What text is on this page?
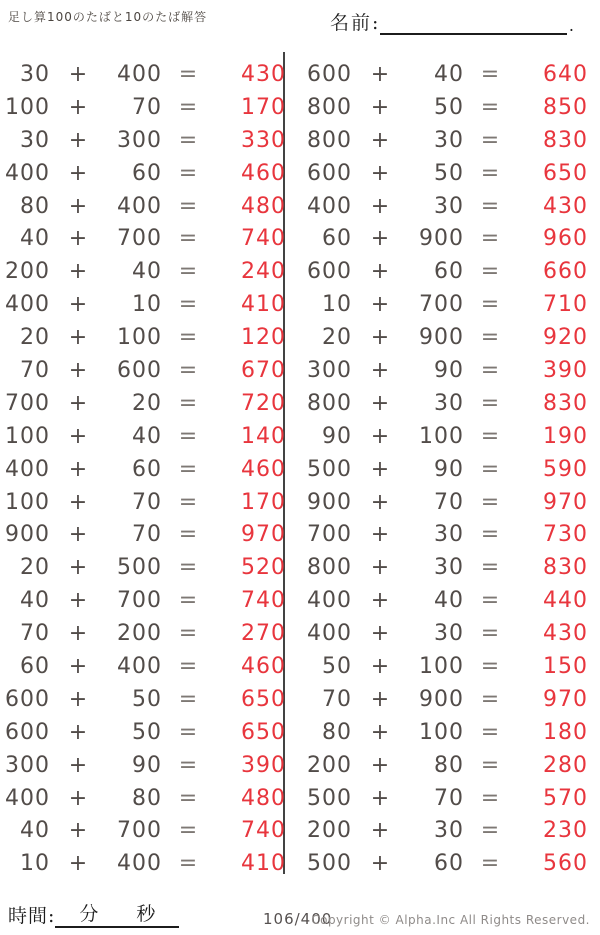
足し算100のたばと10のたば解答	名前:	.
30 +	400 =	430
100 +	70 =	170
30 +	300 =	330
400 +	60 =	460
80 +	400 =	480
40 +	700 =	740
200 +	40 =	240
400 +	10 =	410
20 +	100 =	120
70 +	600 =	670
700 +	20 =	720
100 +	40 =	140
400 +	60 =	460
100 +	70 =	170
900 +	70 =	970
20 +	500 =	520
40 +	700 =	740
70 +	200 =	270
60 +	400 =	460
600 +	50 =	650
600 +	50 =	650
300 +	90 =	390
400 +	80 =	480
40 +	700 =	740
10 +	400 =	410
600 +	40 =	640
800 +	50 =	850
800 +	30 =	830
600 +	50 =	650
400 +	30 =	430
60 +	900 =	960
600 +	60 =	660
10 +	700 =	710
20 +	900 =	920
300 +	90 =	390
800 +	30 =	830
90 +	100 =	190
500 +	90 =	590
900 +	70 =	970
700 +	30 =	730
800 +	30 =	830
400 +	40 =	440
400 +	30 =	430
50 +	100 =	150
70 +	900 =	970
80 +	100 =	180
200 +	80 =	280
500 +	70 =	570
200 +	30 =	230
500 +	60 =	560
時間: 分 秒	106/400
Copyright © Alpha.Inc All Rights Reserved.
